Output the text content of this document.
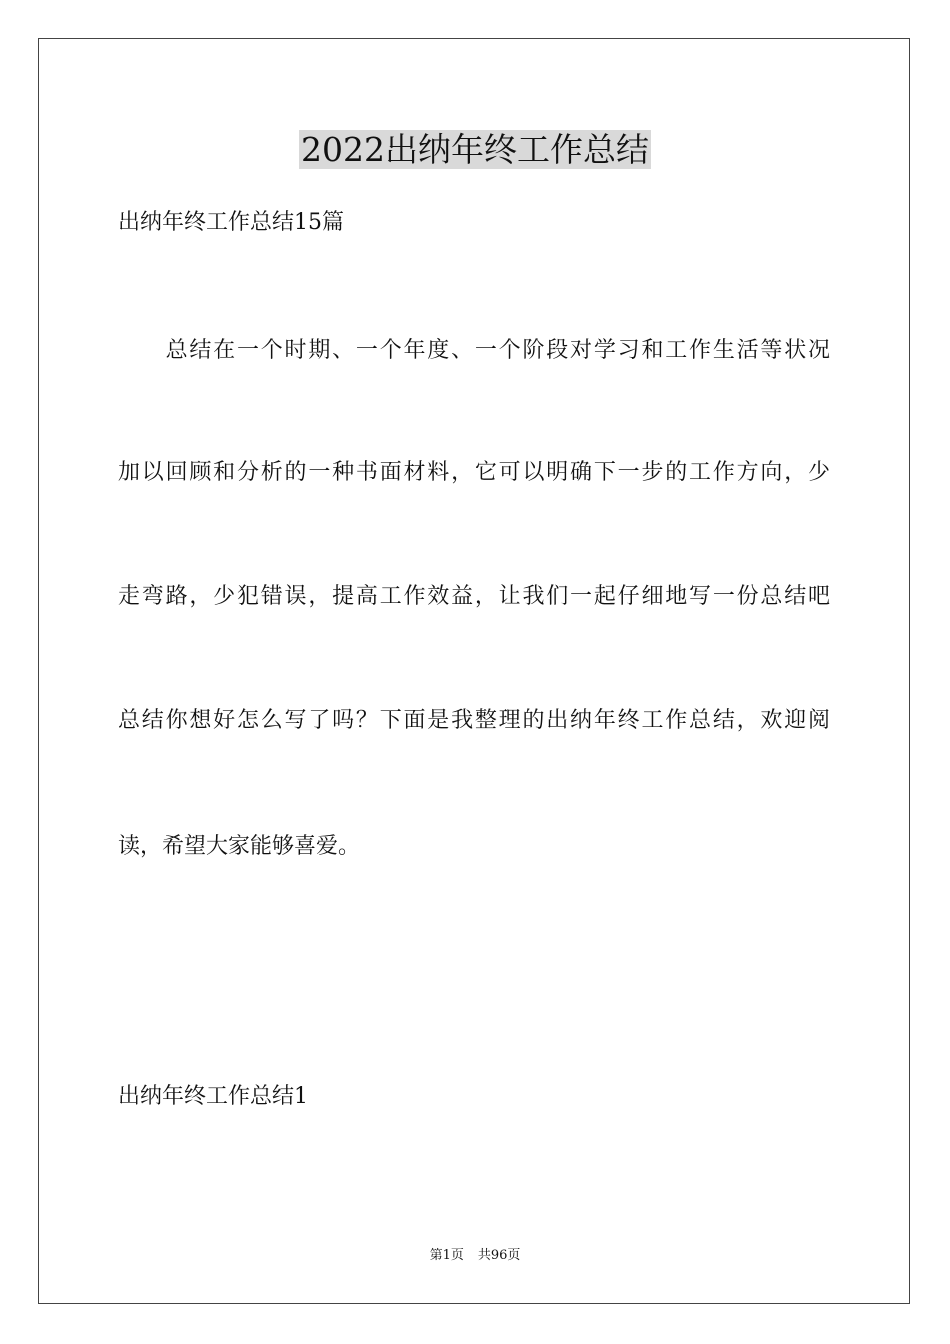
2022出纳年终工作总结
出纳年终工作总结15篇
　　总结在一个时期、一个年度、一个阶段对学习和工作生活等状况
加以回顾和分析的一种书面材料，它可以明确下一步的工作方向，少
走弯路，少犯错误，提高工作效益，让我们一起仔细地写一份总结吧
总结你想好怎么写了吗？下面是我整理的出纳年终工作总结，欢迎阅
读，希望大家能够喜爱。
出纳年终工作总结1
第1页 共96页
